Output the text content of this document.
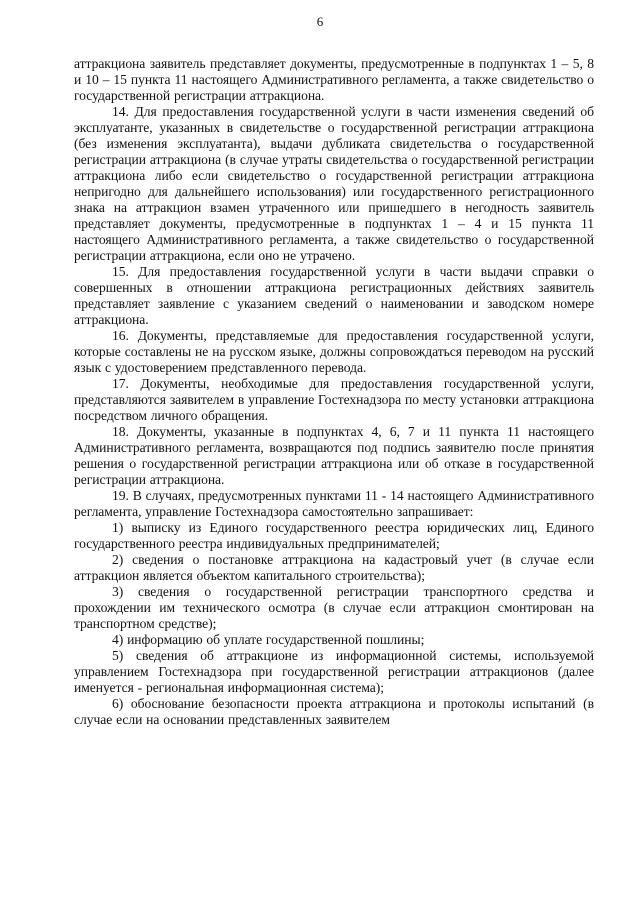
6

аттракциона заявитель представляет документы, предусмотренные в подпунктах 1 – 5, 8 и 10 – 15 пункта 11 настоящего Административного регламента, а также свидетельство о государственной регистрации аттракциона.

14. Для предоставления государственной услуги в части изменения сведений об эксплуатанте, указанных в свидетельстве о государственной регистрации аттракциона (без изменения эксплуатанта), выдачи дубликата свидетельства о государственной регистрации аттракциона (в случае утраты свидетельства о государственной регистрации аттракциона либо если свидетельство о государственной регистрации аттракциона непригодно для дальнейшего использования) или государственного регистрационного знака на аттракцион взамен утраченного или пришедшего в негодность заявитель представляет документы, предусмотренные в подпунктах 1 – 4 и 15 пункта 11 настоящего Административного регламента, а также свидетельство о государственной регистрации аттракциона, если оно не утрачено.

15. Для предоставления государственной услуги в части выдачи справки о совершенных в отношении аттракциона регистрационных действиях заявитель представляет заявление с указанием сведений о наименовании и заводском номере аттракциона.

16. Документы, представляемые для предоставления государственной услуги, которые составлены не на русском языке, должны сопровождаться переводом на русский язык с удостоверением представленного перевода.

17. Документы, необходимые для предоставления государственной услуги, представляются заявителем в управление Гостехнадзора по месту установки аттракциона посредством личного обращения.

18. Документы, указанные в подпунктах 4, 6, 7 и 11 пункта 11 настоящего Административного регламента, возвращаются под подпись заявителю после принятия решения о государственной регистрации аттракциона или об отказе в государственной регистрации аттракциона.

19. В случаях, предусмотренных пунктами 11 - 14 настоящего Административного регламента, управление Гостехнадзора самостоятельно запрашивает:

1) выписку из Единого государственного реестра юридических лиц, Единого государственного реестра индивидуальных предпринимателей;

2) сведения о постановке аттракциона на кадастровый учет (в случае если аттракцион является объектом капитального строительства);

3) сведения о государственной регистрации транспортного средства и прохождении им технического осмотра (в случае если аттракцион смонтирован на транспортном средстве);

4) информацию об уплате государственной пошлины;

5) сведения об аттракционе из информационной системы, используемой управлением Гостехнадзора при государственной регистрации аттракционов (далее именуется - региональная информационная система);

6) обоснование безопасности проекта аттракциона и протоколы испытаний (в случае если на основании представленных заявителем
